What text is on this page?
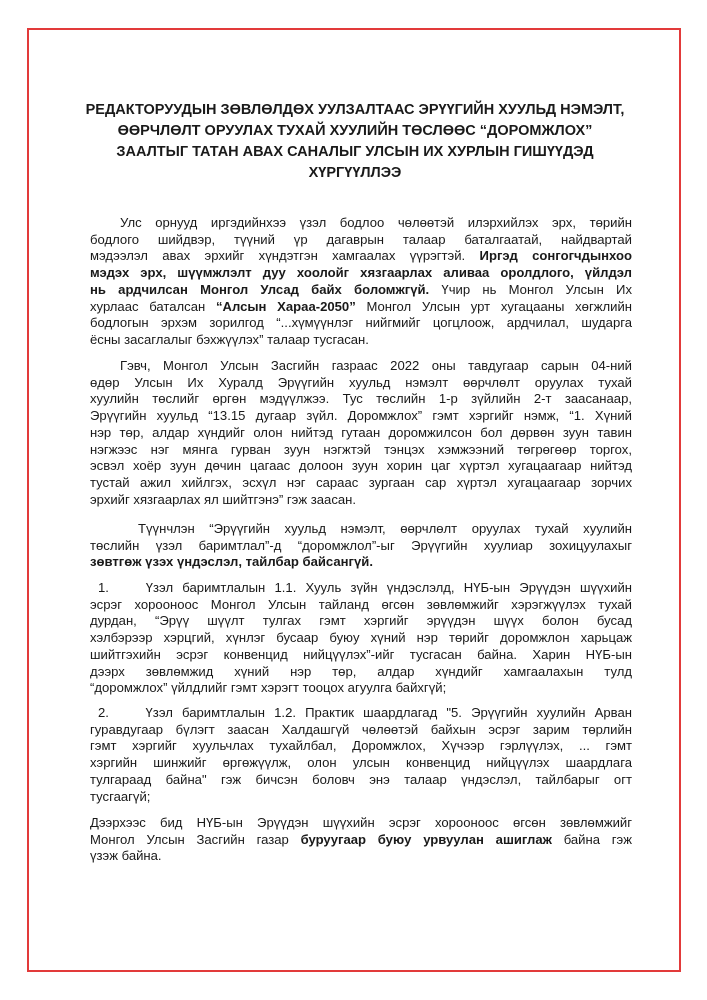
РЕДАКТОРУУДЫН ЗӨВЛӨЛДӨХ УУЛЗАЛТААС ЭРҮҮГИЙН ХУУЛЬД НЭМЭЛТ,
ӨӨРЧЛӨЛТ ОРУУЛАХ ТУХАЙ ХУУЛИЙН ТӨСЛӨӨС “ДОРОМЖЛОХ”
ЗААЛТЫГ ТАТАН АВАХ САНАЛЫГ УЛСЫН ИХ ХУРЛЫН ГИШҮҮДЭД
ХҮРГҮҮЛЛЭЭ

Улс орнууд иргэдийнхээ үзэл бодлоо чөлөөтэй илэрхийлэх эрх, төрийн
бодлого шийдвэр, түүний үр дагаврын талаар баталгаатай, найдвартай
мэдээлэл авах эрхийг хүндэтгэн хамгаалах үүрэгтэй. Иргэд сонгогчдынхоо
мэдэх эрх, шүүмжлэлт дуу хоолойг хязгаарлах аливаа оролдлого, үйлдэл
нь ардчилсан Монгол Улсад байх боломжгүй. Үчир нь Монгол Улсын Их
хурлаас баталсан “Алсын Хараа-2050” Монгол Улсын урт хугацааны хөгжлийн
бодлогын эрхэм зорилгод “...хүмүүнлэг нийгмийг цогцлоож, ардчилал, шударга
ёсны засаглалыг бэхжүүлэх” талаар тусгасан.

Гэвч, Монгол Улсын Засгийн газраас 2022 оны тавдугаар сарын 04-ний
өдөр Улсын Их Хуралд Эрүүгийн хуульд нэмэлт өөрчлөлт оруулах тухай
хуулийн төслийг өргөн мэдүүлжээ. Тус төслийн 1-р зүйлийн 2-т заасанаар,
Эрүүгийн хуульд “13.15 дугаар зүйл. Доромжлох” гэмт хэргийг нэмж, “1. Хүний
нэр төр, алдар хүндийг олон нийтэд гутаан доромжилсон бол дөрвөн зуун тавин
нэгжээс нэг мянга гурван зуун нэгжтэй тэнцэх хэмжээний төгрөгөөр торгох,
эсвэл хоёр зуун дөчин цагаас долоон зуун хорин цаг хүртэл хугацаагаар нийтэд
тустай ажил хийлгэх, эсхүл нэг сараас зургаан сар хүртэл хугацаагаар зорчих
эрхийг хязгаарлах ял шийтгэнэ” гэж заасан.

Түүнчлэн “Эрүүгийн хуульд нэмэлт, өөрчлөлт оруулах тухай хуулийн
төслийн үзэл баримтлал”-д “доромжлол”-ыг Эрүүгийн хуулиар зохицуулахыг
зөвтгөж үзэх үндэслэл, тайлбар байсангүй.

1.    Үзэл баримтлалын 1.1. Хууль зүйн үндэслэлд, НҮБ-ын Эрүүдэн шүүхийн
эсрэг хорооноос Монгол Улсын тайланд өгсөн зөвлөмжийг хэрэгжүүлэх тухай
дурдан, “Эрүү шүүлт тулгах гэмт хэргийг эрүүдэн шүүх болон бусад
хэлбэрээр хэрцгий, хүнлэг бусаар буюу хүний нэр төрийг доромжлон харьцаж
шийтгэхийн эсрэг конвенцид нийцүүлэх”-ийг тусгасан байна. Харин НҮБ-ын
дээрх зөвлөмжид хүний нэр төр, алдар хүндийг хамгаалахын тулд
“доромжлох” үйлдлийг гэмт хэрэгт тооцох агуулга байхгүй;

2.    Үзэл баримтлалын 1.2. Практик шаардлагад "5. Эрүүгийн хуулийн Арван
гуравдугаар бүлэгт заасан Халдашгүй чөлөөтэй байхын эсрэг зарим төрлийн
гэмт хэргийг хуульчлах тухайлбал, Доромжлох, Хүчээр гэрлүүлэх, ... гэмт
хэргийн шинжийг өргөжүүлж, олон улсын конвенцид нийцүүлэх шаардлага
тулгараад байна" гэж бичсэн боловч энэ талаар үндэслэл, тайлбарыг огт
тусгаагүй;

Дээрхээс бид НҮБ-ын Эрүүдэн шүүхийн эсрэг хорооноос өгсөн зөвлөмжийг
Монгол Улсын Засгийн газар буруугаар буюу урвуулан ашиглаж байна гэж
үзэж байна.
